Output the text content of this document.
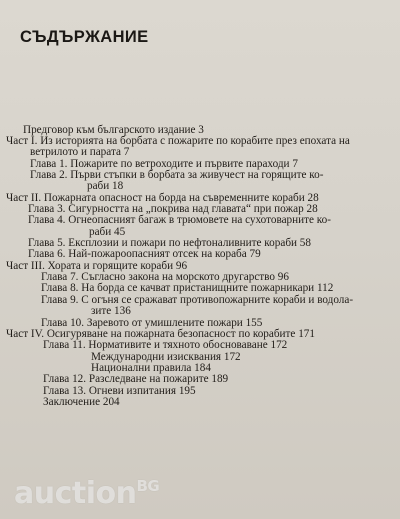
СЪДЪРЖАНИЕ
Предговор към българското издание 3
Част I. Из историята на борбата с пожарите по корабите през епохата на
ветрилото и парата 7
Глава 1. Пожарите по ветроходите и първите параходи 7
Глава 2. Първи стъпки в борбата за живучест на горящите ко-
раби 18
Част II. Пожарната опасност на борда на съвременните кораби 28
Глава 3. Сигурността на „покрива над главата“ при пожар 28
Глава 4. Огнеопасният багаж в трюмовете на сухотоварните ко-
раби 45
Глава 5. Експлозии и пожари по нефтоналивните кораби 58
Глава 6. Най-пожароопасният отсек на кораба 79
Част III. Хората и горящите кораби 96
Глава 7. Съгласно закона на морското другарство 96
Глава 8. На борда се качват пристанищните пожарникари 112
Глава 9. С огъня се сражават противопожарните кораби и водола-
зите 136
Глава 10. Заревото от умишлените пожари 155
Част IV. Осигуряване на пожарната безопасност по корабите 171
Глава 11. Нормативите и тяхното обосноваване 172
Международни изисквания 172
Национални правила 184
Глава 12. Разследване на пожарите 189
Глава 13. Огневи изпитания 195
Заключение 204
auction$^{BG}$
